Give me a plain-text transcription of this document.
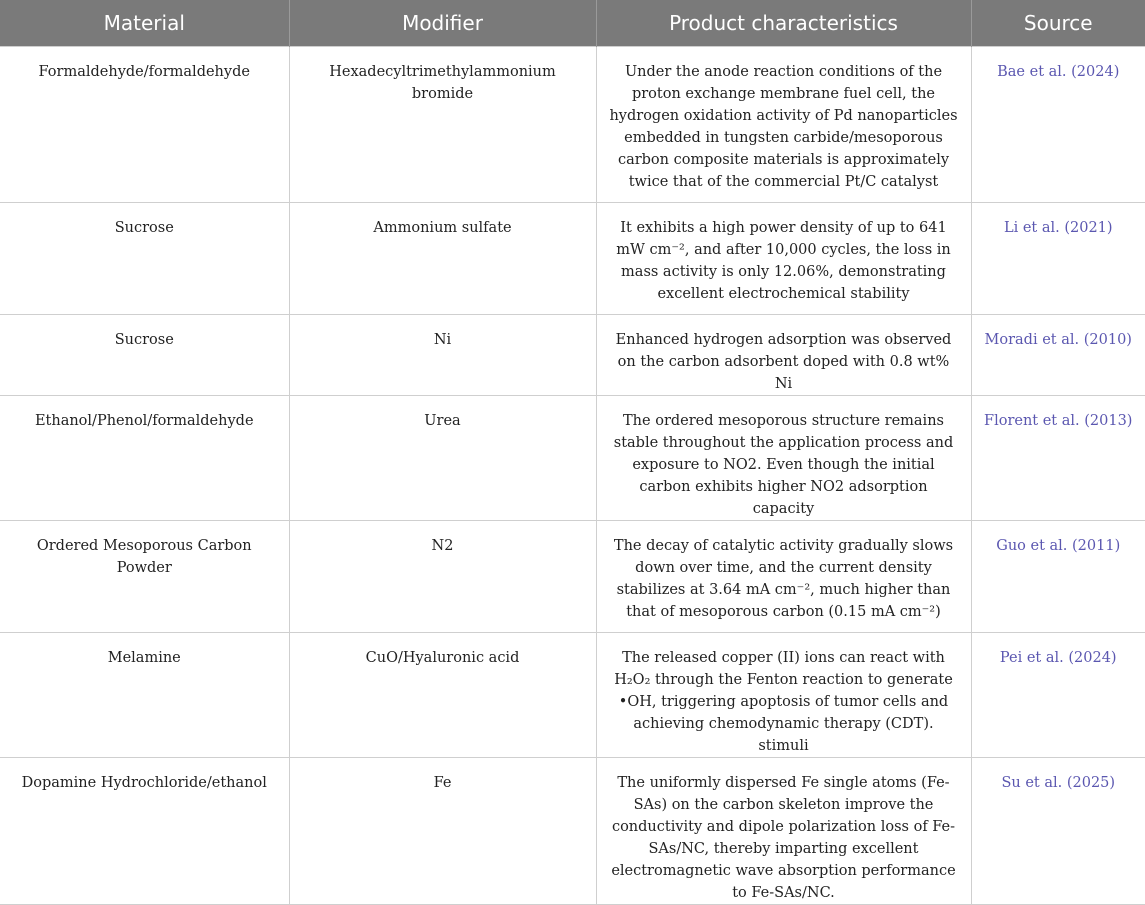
Material	Modifier	Product characteristics	Source
Formaldehyde/formaldehyde	Hexadecyltrimethylammonium bromide	Under the anode reaction conditions of the proton exchange membrane fuel cell, the hydrogen oxidation activity of Pd nanoparticles embedded in tungsten carbide/mesoporous carbon composite materials is approximately twice that of the commercial Pt/C catalyst	Bae et al. (2024)
Sucrose	Ammonium sulfate	It exhibits a high power density of up to 641 mW cm⁻², and after 10,000 cycles, the loss in mass activity is only 12.06%, demonstrating excellent electrochemical stability	Li et al. (2021)
Sucrose	Ni	Enhanced hydrogen adsorption was observed on the carbon adsorbent doped with 0.8 wt% Ni	Moradi et al. (2010)
Ethanol/Phenol/formaldehyde	Urea	The ordered mesoporous structure remains stable throughout the application process and exposure to NO2. Even though the initial carbon exhibits higher NO2 adsorption capacity	Florent et al. (2013)
Ordered Mesoporous Carbon Powder	N2	The decay of catalytic activity gradually slows down over time, and the current density stabilizes at 3.64 mA cm⁻², much higher than that of mesoporous carbon (0.15 mA cm⁻²)	Guo et al. (2011)
Melamine	CuO/Hyaluronic acid	The released copper (II) ions can react with H₂O₂ through the Fenton reaction to generate •OH, triggering apoptosis of tumor cells and achieving chemodynamic therapy (CDT). stimuli	Pei et al. (2024)
Dopamine Hydrochloride/ethanol	Fe	The uniformly dispersed Fe single atoms (Fe-SAs) on the carbon skeleton improve the conductivity and dipole polarization loss of Fe-SAs/NC, thereby imparting excellent electromagnetic wave absorption performance to Fe-SAs/NC.	Su et al. (2025)
